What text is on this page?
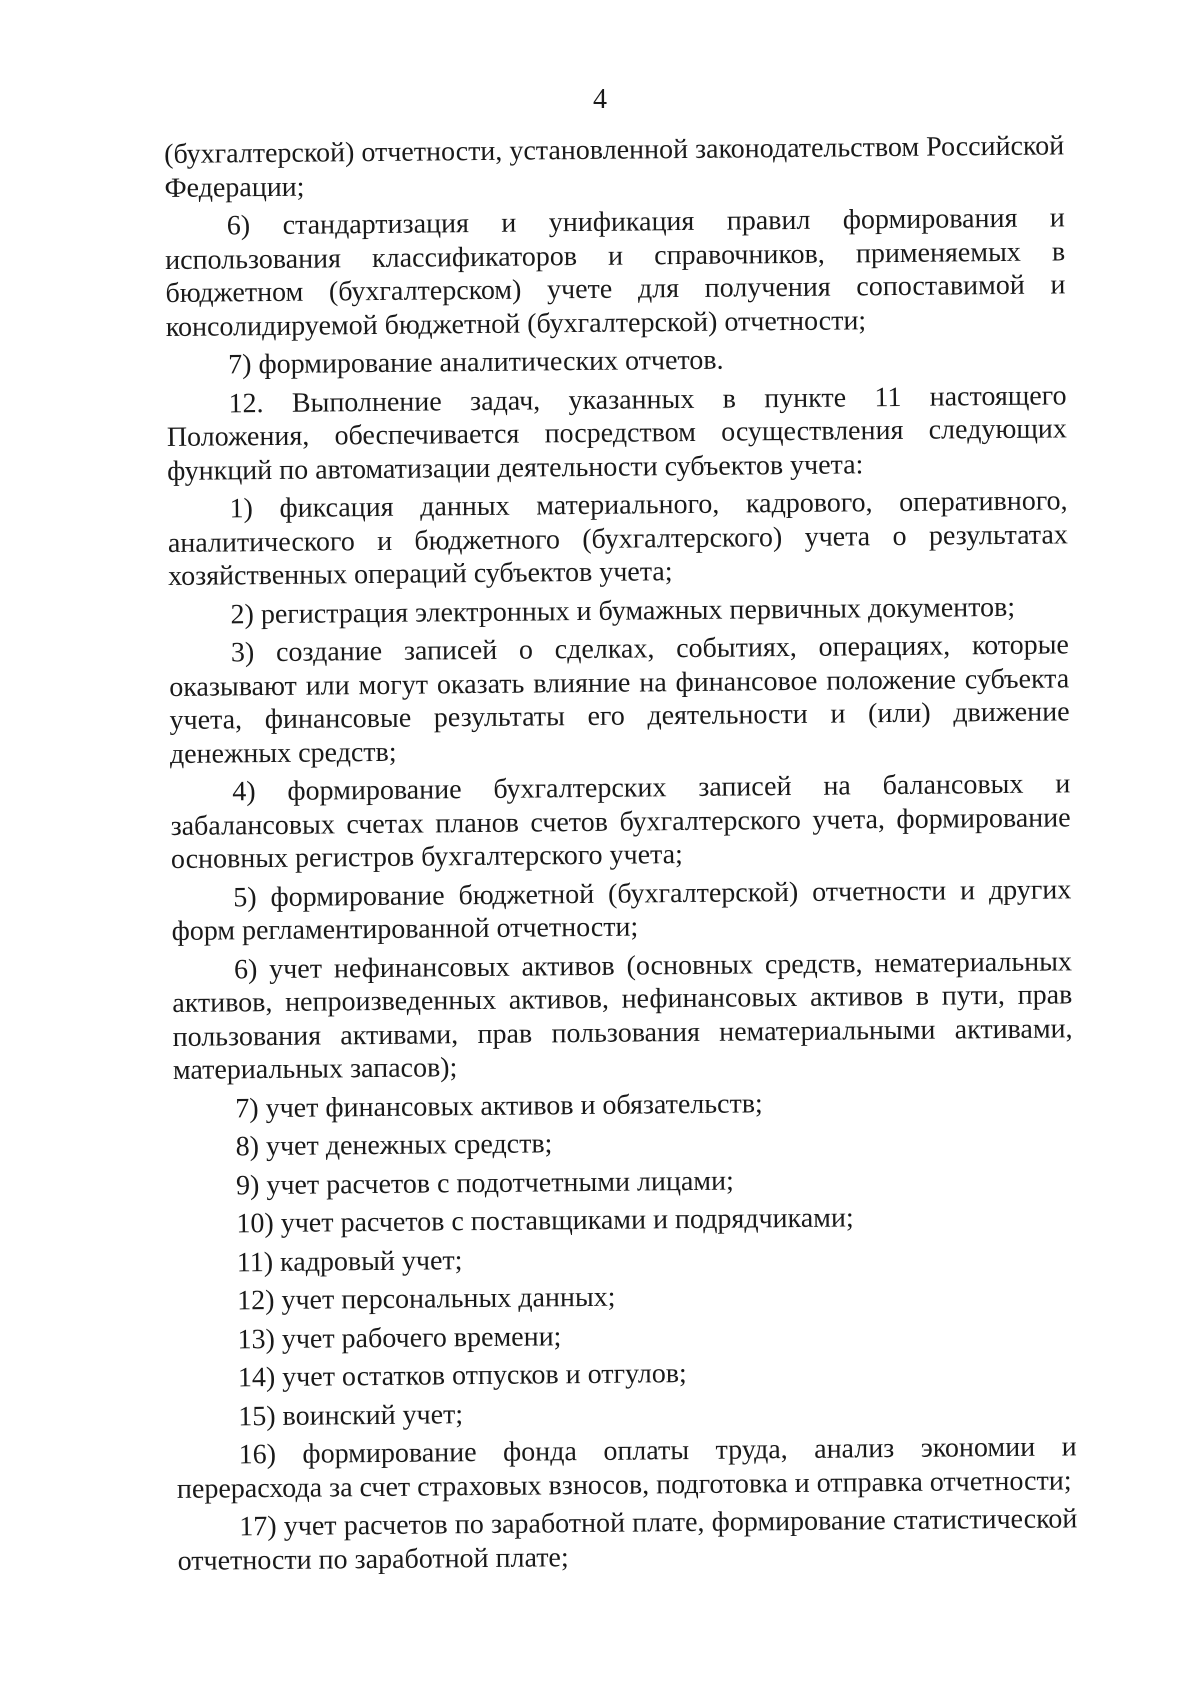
4

(бухгалтерской) отчетности, установленной законодательством Российской Федерации;

6) стандартизация и унификация правил формирования и использования классификаторов и справочников, применяемых в бюджетном (бухгалтерском) учете для получения сопоставимой и консолидируемой бюджетной (бухгалтерской) отчетности;

7) формирование аналитических отчетов.

12. Выполнение задач, указанных в пункте 11 настоящего Положения, обеспечивается посредством осуществления следующих функций по автоматизации деятельности субъектов учета:

1) фиксация данных материального, кадрового, оперативного, аналитического и бюджетного (бухгалтерского) учета о результатах хозяйственных операций субъектов учета;

2) регистрация электронных и бумажных первичных документов;

3) создание записей о сделках, событиях, операциях, которые оказывают или могут оказать влияние на финансовое положение субъекта учета, финансовые результаты его деятельности и (или) движение денежных средств;

4) формирование бухгалтерских записей на балансовых и забалансовых счетах планов счетов бухгалтерского учета, формирование основных регистров бухгалтерского учета;

5) формирование бюджетной (бухгалтерской) отчетности и других форм регламентированной отчетности;

6) учет нефинансовых активов (основных средств, нематериальных активов, непроизведенных активов, нефинансовых активов в пути, прав пользования активами, прав пользования нематериальными активами, материальных запасов);

7) учет финансовых активов и обязательств;

8) учет денежных средств;

9) учет расчетов с подотчетными лицами;

10) учет расчетов с поставщиками и подрядчиками;

11) кадровый учет;

12) учет персональных данных;

13) учет рабочего времени;

14) учет остатков отпусков и отгулов;

15) воинский учет;

16) формирование фонда оплаты труда, анализ экономии и перерасхода за счет страховых взносов, подготовка и отправка отчетности;

17) учет расчетов по заработной плате, формирование статистической отчетности по заработной плате;
